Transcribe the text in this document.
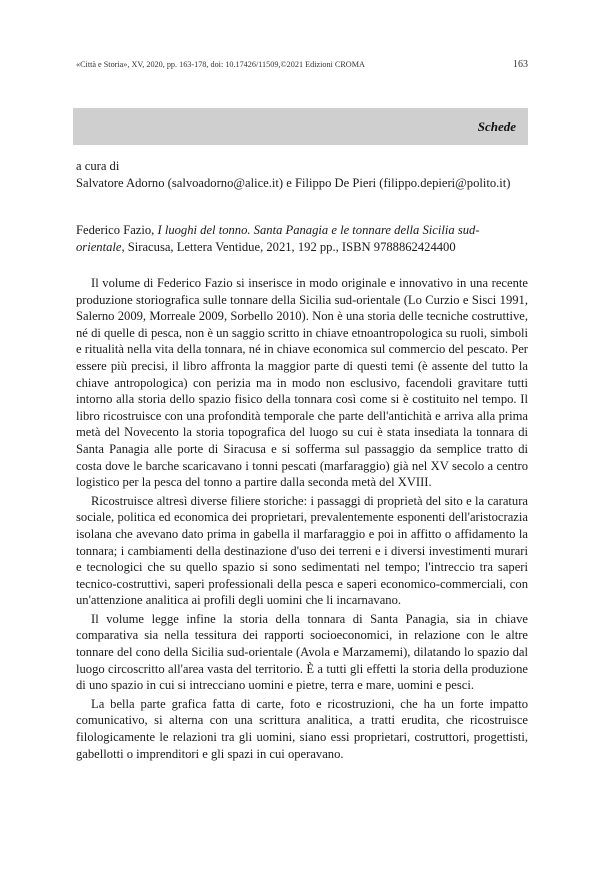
«Città e Storia», XV, 2020, pp. 163-178, doi: 10.17426/11509,©2021 Edizioni CROMA	163
Schede
a cura di
Salvatore Adorno (salvoadorno@alice.it) e Filippo De Pieri (filippo.depieri@polito.it)
Federico Fazio, I luoghi del tonno. Santa Panagia e le tonnare della Sicilia sud-orientale, Siracusa, Lettera Ventidue, 2021, 192 pp., ISBN 9788862424400

Il volume di Federico Fazio si inserisce in modo originale e innovativo in una recente produzione storiografica sulle tonnare della Sicilia sud-orientale (Lo Curzio e Sisci 1991, Salerno 2009, Morreale 2009, Sorbello 2010). Non è una storia delle tecniche costruttive, né di quelle di pesca, non è un saggio scritto in chiave etnoantropologica su ruoli, simboli e ritualità nella vita della tonnara, né in chiave economica sul commercio del pescato. Per essere più precisi, il libro affronta la maggior parte di questi temi (è assente del tutto la chiave antropologica) con perizia ma in modo non esclusivo, facendoli gravitare tutti intorno alla storia dello spazio fisico della tonnara così come si è costituito nel tempo. Il libro ricostruisce con una profondità temporale che parte dell'antichità e arriva alla prima metà del Novecento la storia topografica del luogo su cui è stata insediata la tonnara di Santa Panagia alle porte di Siracusa e si sofferma sul passaggio da semplice tratto di costa dove le barche scaricavano i tonni pescati (marfaraggio) già nel XV secolo a centro logistico per la pesca del tonno a partire dalla seconda metà del XVIII.

Ricostruisce altresì diverse filiere storiche: i passaggi di proprietà del sito e la caratura sociale, politica ed economica dei proprietari, prevalentemente esponenti dell'aristocrazia isolana che avevano dato prima in gabella il marfaraggio e poi in affitto o affidamento la tonnara; i cambiamenti della destinazione d'uso dei terreni e i diversi investimenti murari e tecnologici che su quello spazio si sono sedimentati nel tempo; l'intreccio tra saperi tecnico-costruttivi, saperi professionali della pesca e saperi economico-commerciali, con un'attenzione analitica ai profili degli uomini che li incarnavano.

Il volume legge infine la storia della tonnara di Santa Panagia, sia in chiave comparativa sia nella tessitura dei rapporti socioeconomici, in relazione con le altre tonnare del cono della Sicilia sud-orientale (Avola e Marzamemi), dilatando lo spazio dal luogo circoscritto all'area vasta del territorio. È a tutti gli effetti la storia della produzione di uno spazio in cui si intrecciano uomini e pietre, terra e mare, uomini e pesci.

La bella parte grafica fatta di carte, foto e ricostruzioni, che ha un forte impatto comunicativo, si alterna con una scrittura analitica, a tratti erudita, che ricostruisce filologicamente le relazioni tra gli uomini, siano essi proprietari, costruttori, progettisti, gabellotti o imprenditori e gli spazi in cui operavano.
